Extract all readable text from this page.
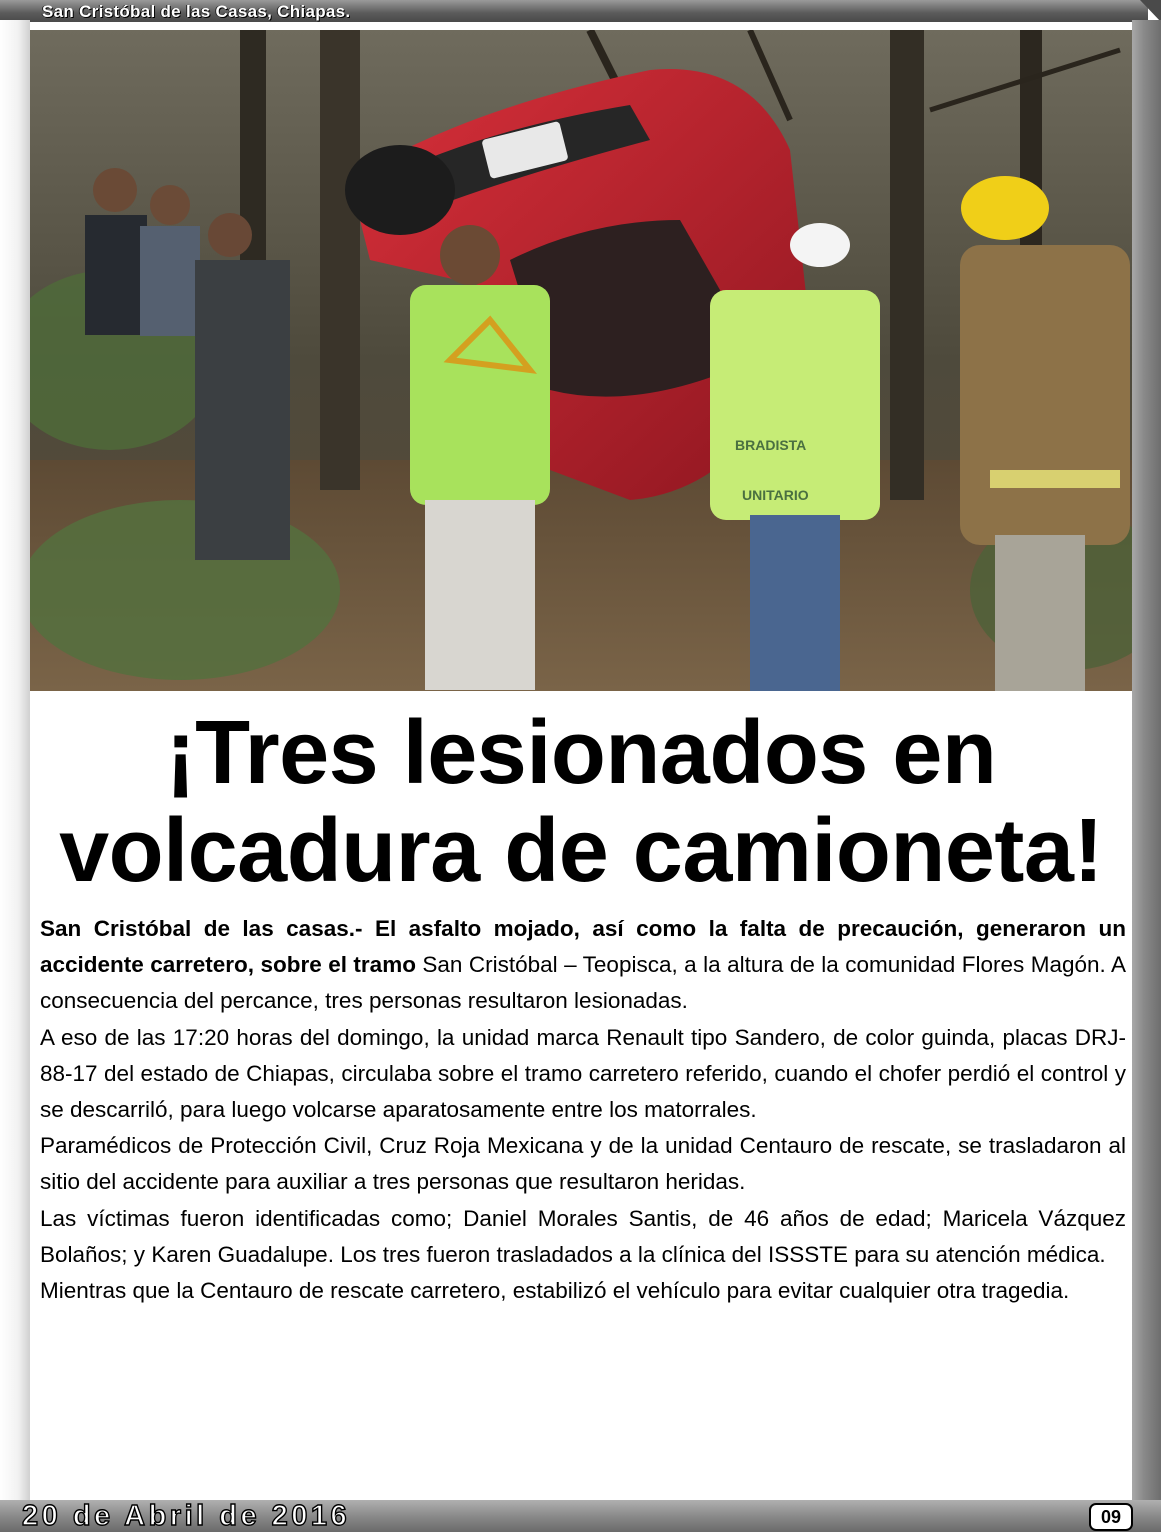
San Cristóbal de las Casas, Chiapas.
BRADISTA
UNITARIO
¡Tres lesionados en
volcadura de camioneta!

San Cristóbal de las casas.- El asfalto mojado, así como la falta de precaución, generaron un accidente carretero, sobre el tramo San Cristóbal – Teopisca, a la altura de la comunidad Flores Magón. A consecuencia del percance, tres personas resultaron lesionadas.

A eso de las 17:20 horas del domingo, la unidad marca Renault tipo Sandero, de color guinda, placas DRJ-88-17 del estado de Chiapas, circulaba sobre el tramo carretero referido, cuando el chofer perdió el control y se descarriló, para luego volcarse aparatosamente entre los matorrales.

Paramédicos de Protección Civil, Cruz Roja Mexicana y de la unidad Centauro de rescate, se trasladaron al sitio del accidente para auxiliar a tres personas que resultaron heridas.

Las víctimas fueron identificadas como; Daniel Morales Santis, de 46 años de edad; Maricela Vázquez Bolaños; y Karen Guadalupe. Los tres fueron trasladados a la clínica del ISSSTE para su atención médica.

Mientras que la Centauro de rescate carretero, estabilizó el vehículo para evitar cualquier otra tragedia.

20 de Abril de 2016	09
